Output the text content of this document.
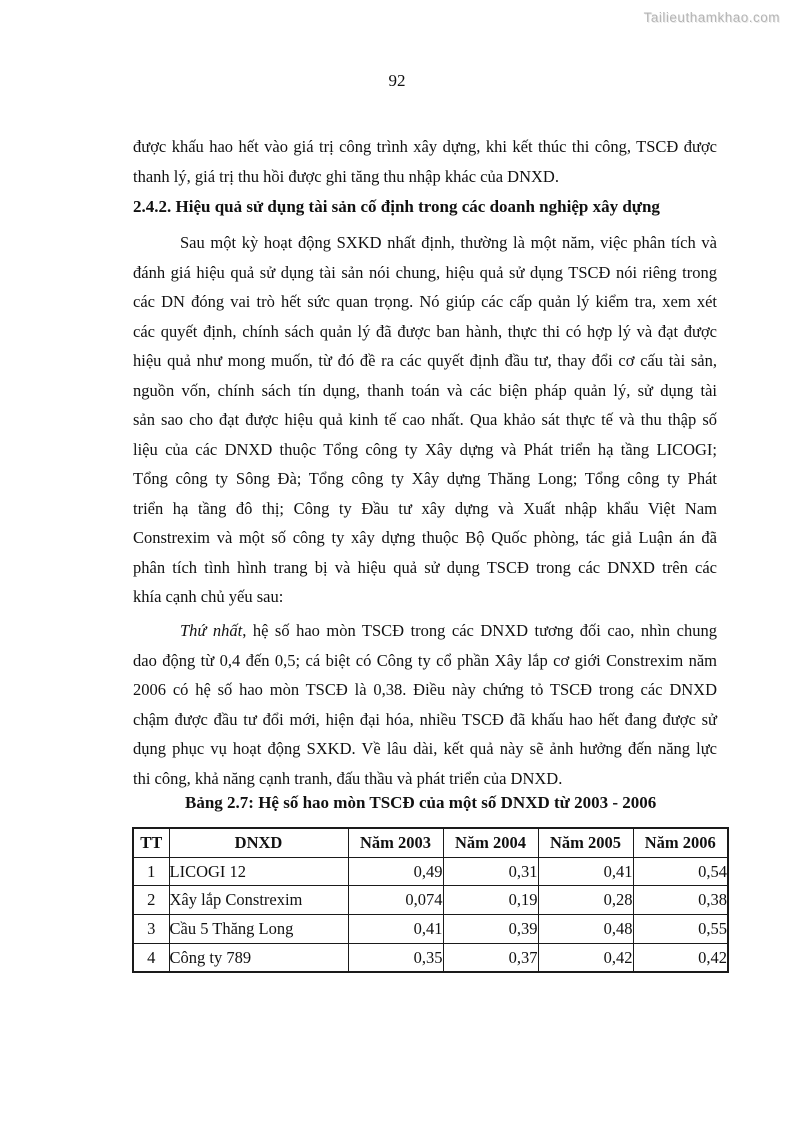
Tailieuthamkhao.com
92
được khấu hao hết vào giá trị công trình xây dựng, khi kết thúc thi công, TSCĐ được
thanh lý, giá trị thu hồi được ghi tăng thu nhập khác của DNXD.
2.4.2. Hiệu quả sử dụng tài sản cố định trong các doanh nghiệp xây dựng
Sau một kỳ hoạt động SXKD nhất định, thường là một năm, việc phân tích và
đánh giá hiệu quả sử dụng tài sản nói chung, hiệu quả sử dụng TSCĐ nói riêng trong
các DN đóng vai trò hết sức quan trọng. Nó giúp các cấp quản lý kiểm tra, xem xét
các quyết định, chính sách quản lý đã được ban hành, thực thi có hợp lý và đạt được
hiệu quả như mong muốn, từ đó đề ra các quyết định đầu tư, thay đổi cơ cấu tài sản,
nguồn vốn, chính sách tín dụng, thanh toán và các biện pháp quản lý, sử dụng tài
sản sao cho đạt được hiệu quả kinh tế cao nhất. Qua khảo sát thực tế và thu thập số
liệu của các DNXD thuộc Tổng công ty Xây dựng và Phát triển hạ tầng LICOGI;
Tổng công ty Sông Đà; Tổng công ty Xây dựng Thăng Long; Tổng công ty Phát
triển hạ tầng đô thị; Công ty Đầu tư xây dựng và Xuất nhập khẩu Việt Nam
Constrexim và một số công ty xây dựng thuộc Bộ Quốc phòng, tác giả Luận án đã
phân tích tình hình trang bị và hiệu quả sử dụng TSCĐ trong các DNXD trên các
khía cạnh chủ yếu sau:
Thứ nhất, hệ số hao mòn TSCĐ trong các DNXD tương đối cao, nhìn chung
dao động từ 0,4 đến 0,5; cá biệt có Công ty cổ phần Xây lắp cơ giới Constrexim năm
2006 có hệ số hao mòn TSCĐ là 0,38. Điều này chứng tỏ TSCĐ trong các DNXD
chậm được đầu tư đổi mới, hiện đại hóa, nhiều TSCĐ đã khấu hao hết đang được sử
dụng phục vụ hoạt động SXKD. Về lâu dài, kết quả này sẽ ảnh hưởng đến năng lực
thi công, khả năng cạnh tranh, đấu thầu và phát triển của DNXD.
Bảng 2.7: Hệ số hao mòn TSCĐ của một số DNXD từ 2003 - 2006
TT	DNXD	Năm 2003	Năm 2004	Năm 2005	Năm 2006
1	LICOGI 12	0,49	0,31	0,41	0,54
2	Xây lắp Constrexim	0,074	0,19	0,28	0,38
3	Cầu 5 Thăng Long	0,41	0,39	0,48	0,55
4	Công ty 789	0,35	0,37	0,42	0,42
